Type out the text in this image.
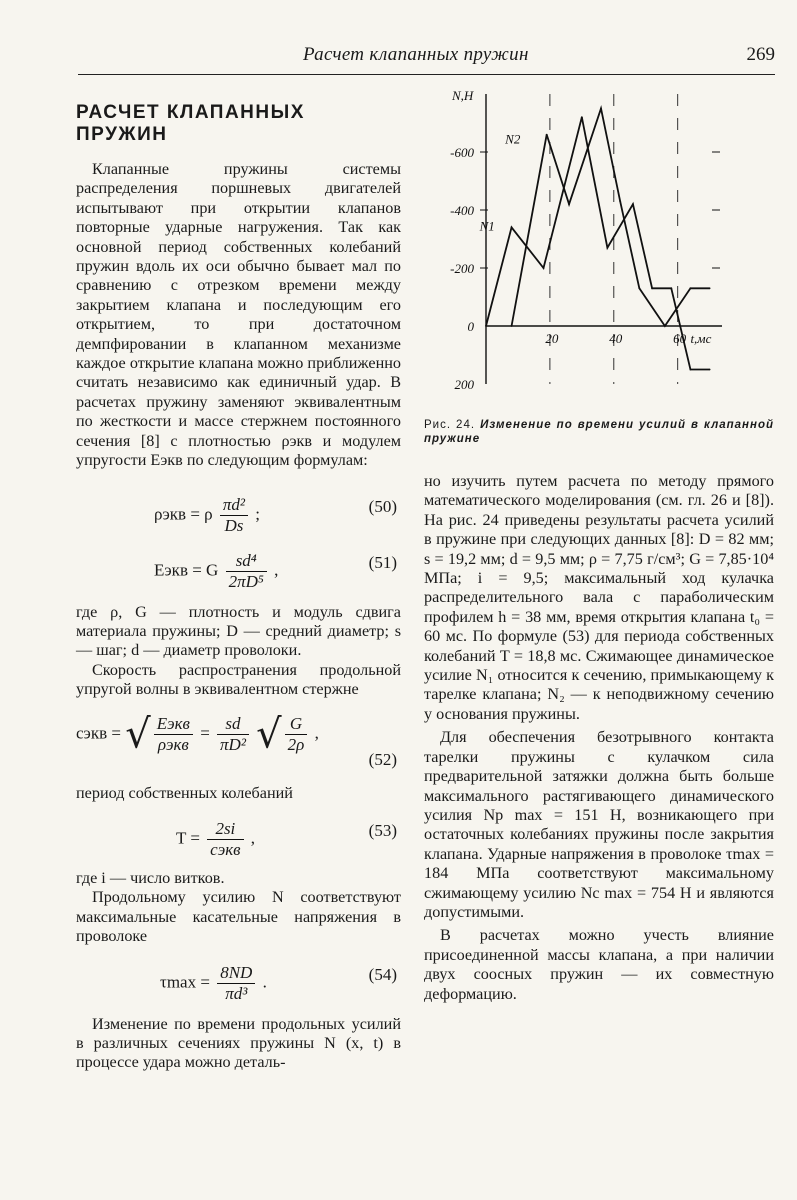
Расчет клапанных пружин	269
РАСЧЕТ КЛАПАННЫХ ПРУЖИН

Клапанные пружины системы распределения поршневых двигателей испытывают при открытии клапанов повторные ударные нагружения. Так как основной период собственных колебаний пружин вдоль их оси обычно бывает мал по сравнению с отрезком времени между закрытием клапана и последующим его открытием, то при достаточном демпфировании в клапанном механизме каждое открытие клапана можно приближенно считать независимо как единичный удар. В расчетах пружину заменяют эквивалентным по жесткости и массе стержнем постоянного сечения [8] с плотностью ρэкв и модулем упругости Eэкв по следующим формулам:

ρэкв = ρ $\frac{\text{πd²}}{Ds}$ ;	(50)
Eэкв = G $\frac{\text{sd⁴}}{\text{2πD⁵}}$ ,	(51)

где ρ, G — плотность и модуль сдвига материала пружины; D — средний диаметр; s — шаг; d — диаметр проволоки.

Скорость распространения продольной упругой волны в эквивалентном стержне

cэкв = √ $\frac{\text{Eэкв}}{\text{ρэкв}} = \frac{sd}{\text{πD²}}$ √ $\frac{G}{2\rho}$ ,
(52)

период собственных колебаний

$T = \frac{2si}{\text{cэкв}}$ ,	(53)

где i — число витков.

Продольному усилию N соответствуют максимальные касательные напряжения в проволоке

$\tau\max = \frac{8ND}{\text{πd³}}$ .	(54)

Изменение по времени продольных усилий в различных сечениях пружины N (x, t) в процессе удара можно деталь-

-600
-400
-200
0
200
20	40	60
N,Н
t,мс
N2
N1
Рис. 24. Изменение по времени усилий в клапанной пружине

но изучить путем расчета по методу прямого математического моделирования (см. гл. 26 и [8]). На рис. 24 приведены результаты расчета усилий в пружине при следующих данных [8]: D = 82 мм; s = 19,2 мм; d = 9,5 мм; ρ = 7,75 г/см³; G = 7,85·10⁴ МПа; i = 9,5; максимальный ход кулачка распределительного вала с параболическим профилем h = 38 мм, время открытия клапана t₀ = 60 мс. По формуле (53) для периода собственных колебаний T = 18,8 мс. Сжимающее динамическое усилие N₁ относится к сечению, примыкающему к тарелке клапана; N₂ — к неподвижному сечению у основания пружины.

Для обеспечения безотрывного контакта тарелки пружины с кулачком сила предварительной затяжки должна быть больше максимального растягивающего динамического усилия Np max = 151 Н, возникающего при остаточных колебаниях пружины после закрытия клапана. Ударные напряжения в проволоке τmax = 184 МПа соответствуют максимальному сжимающему усилию Nc max = 754 Н и являются допустимыми.

В расчетах можно учесть влияние присоединенной массы клапана, а при наличии двух соосных пружин — их совместную деформацию.
